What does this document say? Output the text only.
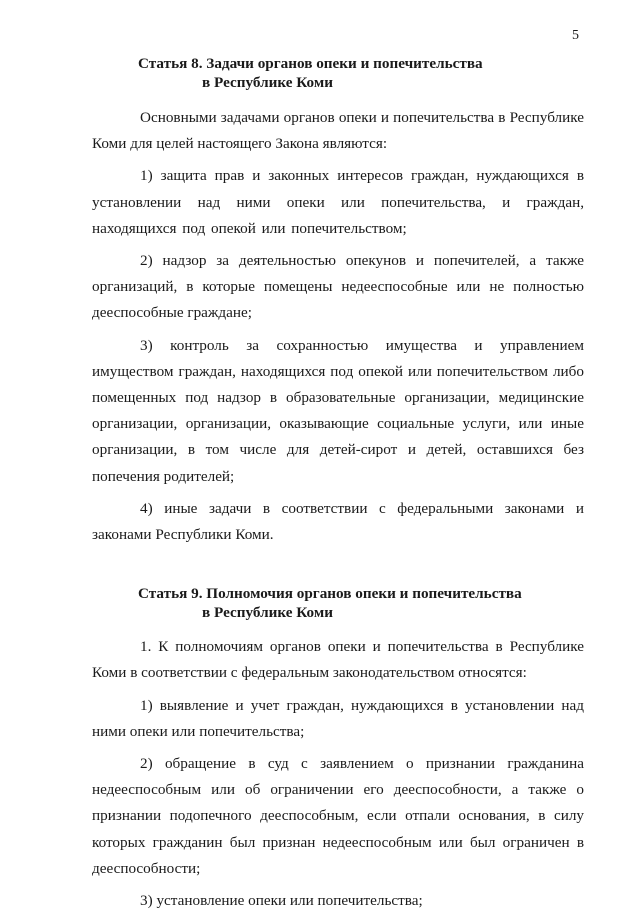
5
Статья 8. Задачи органов опеки и попечительства
в Республике Коми

Основными задачами органов опеки и попечительства в Республике Коми для целей настоящего Закона являются:

1) защита прав и законных интересов граждан, нуждающихся в установлении над ними опеки или попечительства, и граждан, находящихся под опекой или попечительством;

2) надзор за деятельностью опекунов и попечителей, а также организаций, в которые помещены недееспособные или не полностью дееспособные граждане;

3) контроль за сохранностью имущества и управлением имуществом граждан, находящихся под опекой или попечительством либо помещенных под надзор в образовательные организации, медицинские организации, организации, оказывающие социальные услуги, или иные организации, в том числе для детей-сирот и детей, оставшихся без попечения родителей;

4) иные задачи в соответствии с федеральными законами и законами Республики Коми.

Статья 9. Полномочия органов опеки и попечительства
в Республике Коми

1. К полномочиям органов опеки и попечительства в Республике Коми в соответствии с федеральным законодательством относятся:

1) выявление и учет граждан, нуждающихся в установлении над ними опеки или попечительства;

2) обращение в суд с заявлением о признании гражданина недееспособным или об ограничении его дееспособности, а также о признании подопечного дееспособным, если отпали основания, в силу которых гражданин был признан недееспособным или был ограничен в дееспособности;

3) установление опеки или попечительства;
